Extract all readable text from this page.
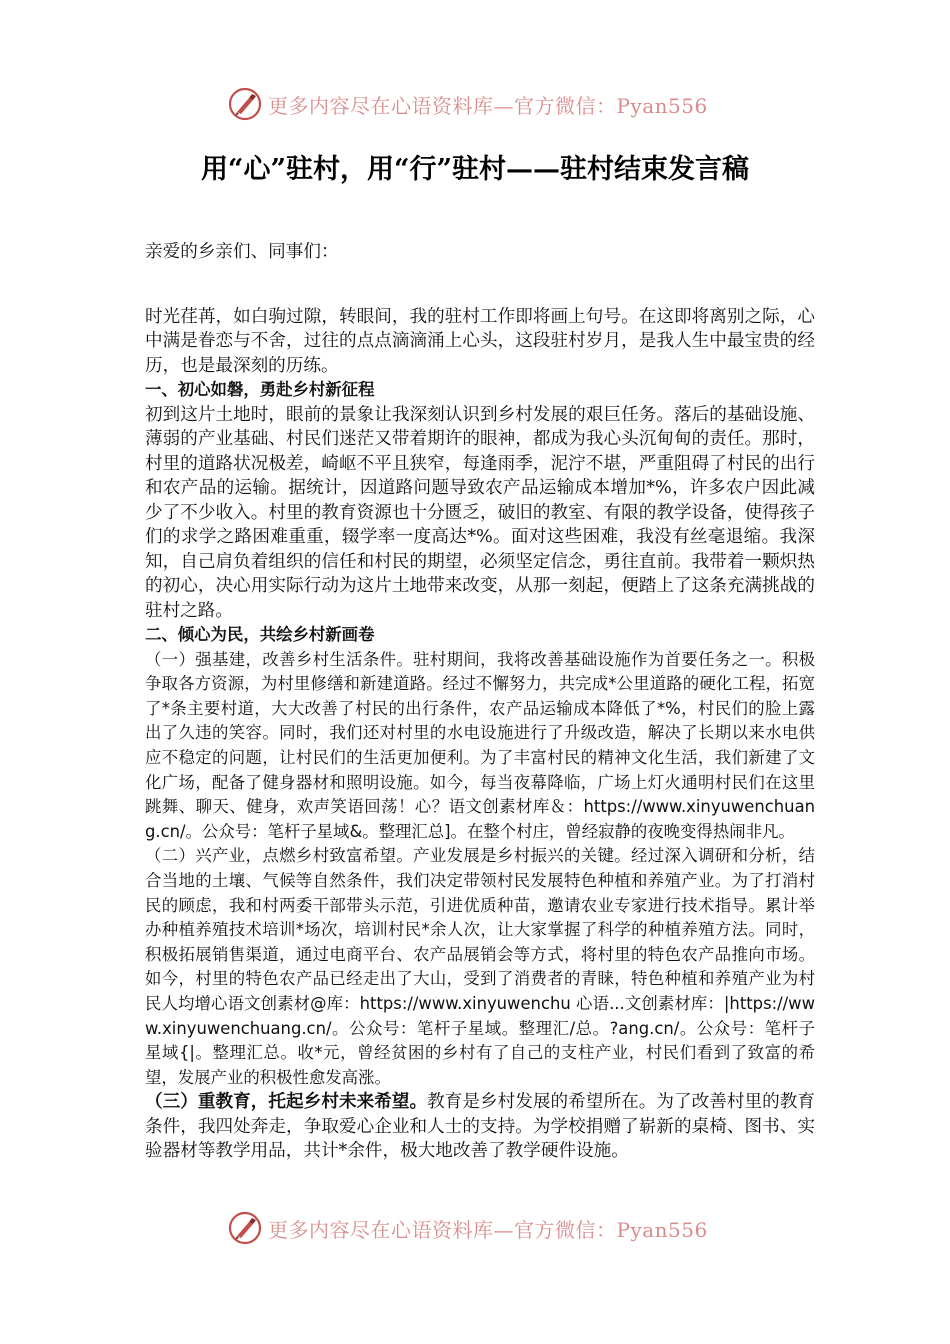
更多内容尽在心语资料库—官方微信：Pyan556
用“心”驻村，用“行”驻村——驻村结束发言稿

亲爱的乡亲们、同事们：

时光荏苒，如白驹过隙，转眼间，我的驻村工作即将画上句号。在这即将离别之际，心中满是眷恋与不舍，过往的点点滴滴涌上心头，这段驻村岁月，是我人生中最宝贵的经历，也是最深刻的历练。

一、初心如磐，勇赴乡村新征程

初到这片土地时，眼前的景象让我深刻认识到乡村发展的艰巨任务。落后的基础设施、薄弱的产业基础、村民们迷茫又带着期许的眼神，都成为我心头沉甸甸的责任。那时，村里的道路状况极差，崎岖不平且狭窄，每逢雨季，泥泞不堪，严重阻碍了村民的出行和农产品的运输。据统计，因道路问题导致农产品运输成本增加*%，许多农户因此减少了不少收入。村里的教育资源也十分匮乏，破旧的教室、有限的教学设备，使得孩子们的求学之路困难重重，辍学率一度高达*%。面对这些困难，我没有丝毫退缩。我深知，自己肩负着组织的信任和村民的期望，必须坚定信念，勇往直前。我带着一颗炽热的初心，决心用实际行动为这片土地带来改变，从那一刻起，便踏上了这条充满挑战的驻村之路。

二、倾心为民，共绘乡村新画卷

（一）强基建，改善乡村生活条件。驻村期间，我将改善基础设施作为首要任务之一。积极争取各方资源，为村里修缮和新建道路。经过不懈努力，共完成*公里道路的硬化工程，拓宽了*条主要村道，大大改善了村民的出行条件，农产品运输成本降低了*%，村民们的脸上露出了久违的笑容。同时，我们还对村里的水电设施进行了升级改造，解决了长期以来水电供应不稳定的问题，让村民们的生活更加便利。为了丰富村民的精神文化生活，我们新建了文化广场，配备了健身器材和照明设施。如今，每当夜幕降临，广场上灯火通明村民们在这里跳舞、聊天、健身，欢声笑语回荡！心？语文创素材库＆：https://www.xinyuwenchuang.cn/。公众号：笔杆子星域&。整理汇总]。在整个村庄，曾经寂静的夜晚变得热闹非凡。

（二）兴产业，点燃乡村致富希望。产业发展是乡村振兴的关键。经过深入调研和分析，结合当地的土壤、气候等自然条件，我们决定带领村民发展特色种植和养殖产业。为了打消村民的顾虑，我和村两委干部带头示范，引进优质种苗，邀请农业专家进行技术指导。累计举办种植养殖技术培训*场次，培训村民*余人次，让大家掌握了科学的种植养殖方法。同时，积极拓展销售渠道，通过电商平台、农产品展销会等方式，将村里的特色农产品推向市场。如今，村里的特色农产品已经走出了大山，受到了消费者的青睐，特色种植和养殖产业为村民人均增心语文创素材@库：https://www.xinyuwenchu 心语...文创素材库：|https://www.xinyuwenchuang.cn/。公众号：笔杆子星域。整理汇/总。?ang.cn/。公众号：笔杆子星域{|。整理汇总。收*元，曾经贫困的乡村有了自己的支柱产业，村民们看到了致富的希望，发展产业的积极性愈发高涨。

（三）重教育，托起乡村未来希望。教育是乡村发展的希望所在。为了改善村里的教育条件，我四处奔走，争取爱心企业和人士的支持。为学校捐赠了崭新的桌椅、图书、实验器材等教学用品，共计*余件，极大地改善了教学硬件设施。

更多内容尽在心语资料库—官方微信：Pyan556
